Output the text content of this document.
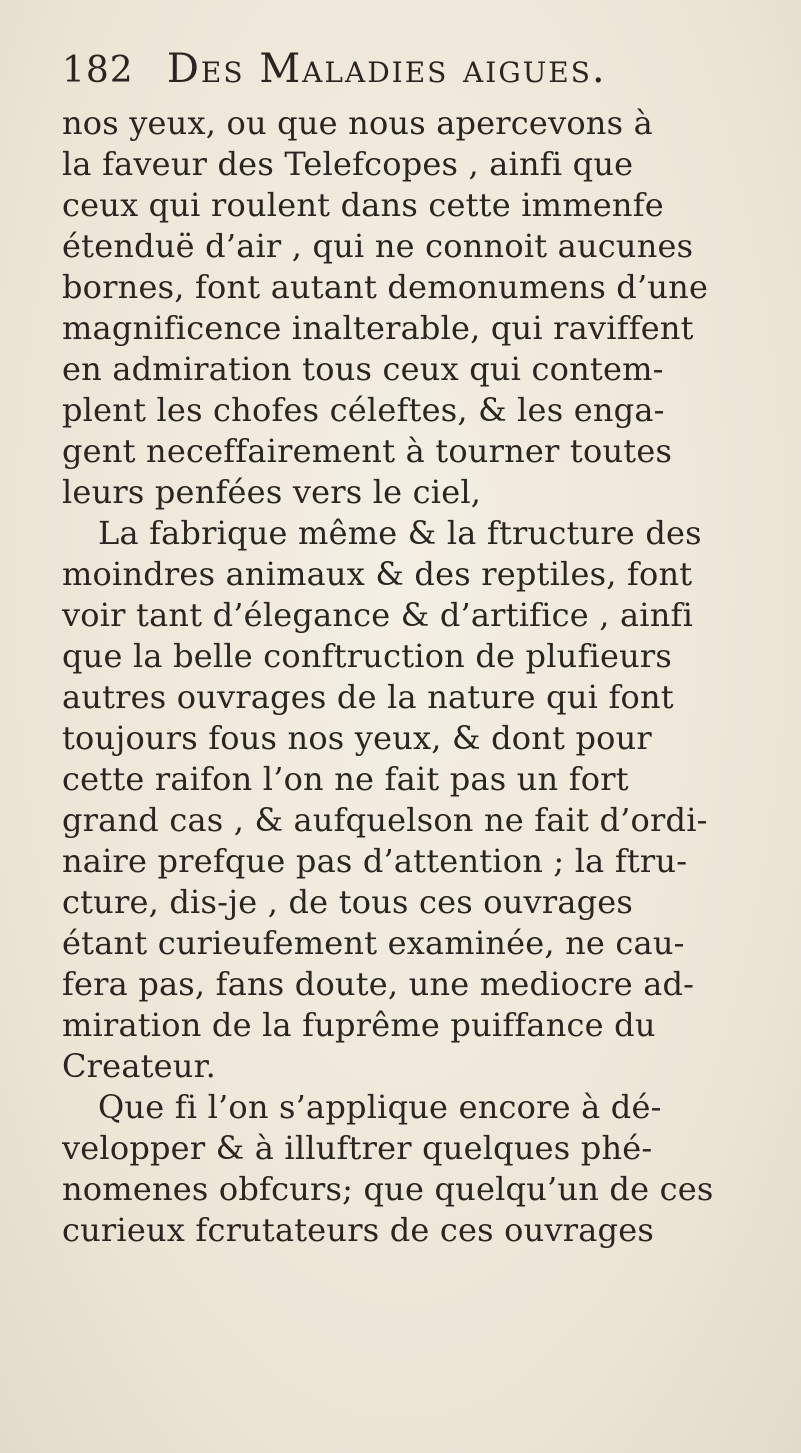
182 Des Maladies aigues.
nos yeux, ou que nous apercevons à
la faveur des Telefcopes , ainfi que
ceux qui roulent dans cette immenfe
étenduë d’air , qui ne connoit aucunes
bornes, font autant demonumens d’une
magnificence inalterable, qui raviffent
en admiration tous ceux qui contem-
plent les chofes céleftes, & les enga-
gent neceffairement à tourner toutes
leurs penfées vers le ciel,
La fabrique même & la ftructure des
moindres animaux & des reptiles, font
voir tant d’élegance & d’artifice , ainfi
que la belle conftruction de plufieurs
autres ouvrages de la nature qui font
toujours fous nos yeux, & dont pour
cette raifon l’on ne fait pas un fort
grand cas , & aufquelson ne fait d’ordi-
naire prefque pas d’attention ; la ftru-
cture, dis-je , de tous ces ouvrages
étant curieufement examinée, ne cau-
fera pas, fans doute, une mediocre ad-
miration de la fuprême puiffance du
Createur.
Que fi l’on s’applique encore à dé-
velopper & à illuftrer quelques phé-
nomenes obfcurs; que quelqu’un de ces
curieux fcrutateurs de ces ouvrages
